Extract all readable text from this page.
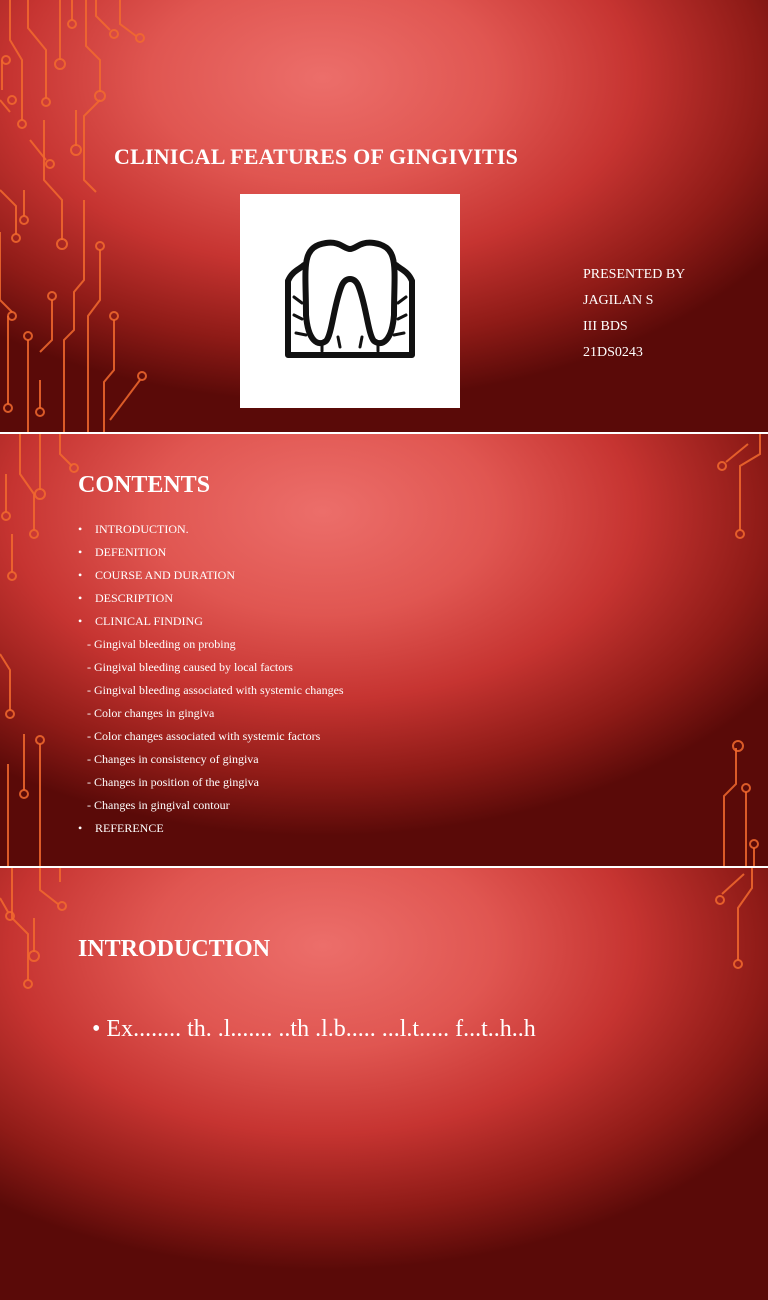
CLINICAL FEATURES OF GINGIVITIS
PRESENTED BY
JAGILAN S
III BDS
21DS0243
CONTENTS
• INTRODUCTION.
• DEFENITION
• COURSE AND DURATION
• DESCRIPTION
• CLINICAL FINDING
- Gingival bleeding on probing
- Gingival bleeding caused by local factors
- Gingival bleeding associated with systemic changes
- Color changes in gingiva
- Color changes associated with systemic factors
- Changes in consistency of gingiva
- Changes in position of the gingiva
- Changes in gingival contour
• REFERENCE
INTRODUCTION
• Ex........ th. .l....... ..th .l.b..... ...l.t..... f...t..h..h
